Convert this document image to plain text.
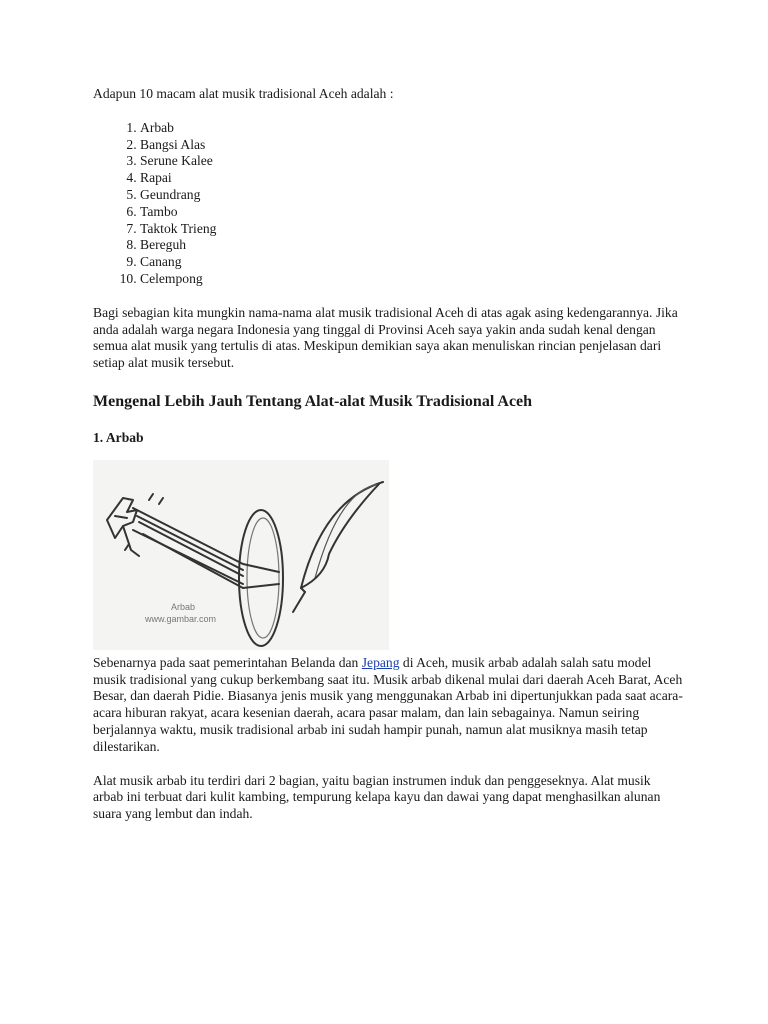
Adapun 10 macam alat musik tradisional Aceh adalah :

1. Arbab
2. Bangsi Alas
3. Serune Kalee
4. Rapai
5. Geundrang
6. Tambo
7. Taktok Trieng
8. Bereguh
9. Canang
10. Celempong

Bagi sebagian kita mungkin nama-nama alat musik tradisional Aceh di atas agak asing kedengarannya. Jika anda adalah warga negara Indonesia yang tinggal di Provinsi Aceh saya yakin anda sudah kenal dengan semua alat musik yang tertulis di atas. Meskipun demikian saya akan menuliskan rincian penjelasan dari setiap alat musik tersebut.

Mengenal Lebih Jauh Tentang Alat-alat Musik Tradisional Aceh
1. Arbab
Arbab
www.gambar.com

Sebenarnya pada saat pemerintahan Belanda dan Jepang di Aceh, musik arbab adalah salah satu model musik tradisional yang cukup berkembang saat itu. Musik arbab dikenal mulai dari daerah Aceh Barat, Aceh Besar, dan daerah Pidie. Biasanya jenis musik yang menggunakan Arbab ini dipertunjukkan pada saat acara-acara hiburan rakyat, acara kesenian daerah, acara pasar malam, dan lain sebagainya. Namun seiring berjalannya waktu, musik tradisional arbab ini sudah hampir punah, namun alat musiknya masih tetap dilestarikan.

Alat musik arbab itu terdiri dari 2 bagian, yaitu bagian instrumen induk dan penggeseknya. Alat musik arbab ini terbuat dari kulit kambing, tempurung kelapa kayu dan dawai yang dapat menghasilkan alunan suara yang lembut dan indah.
